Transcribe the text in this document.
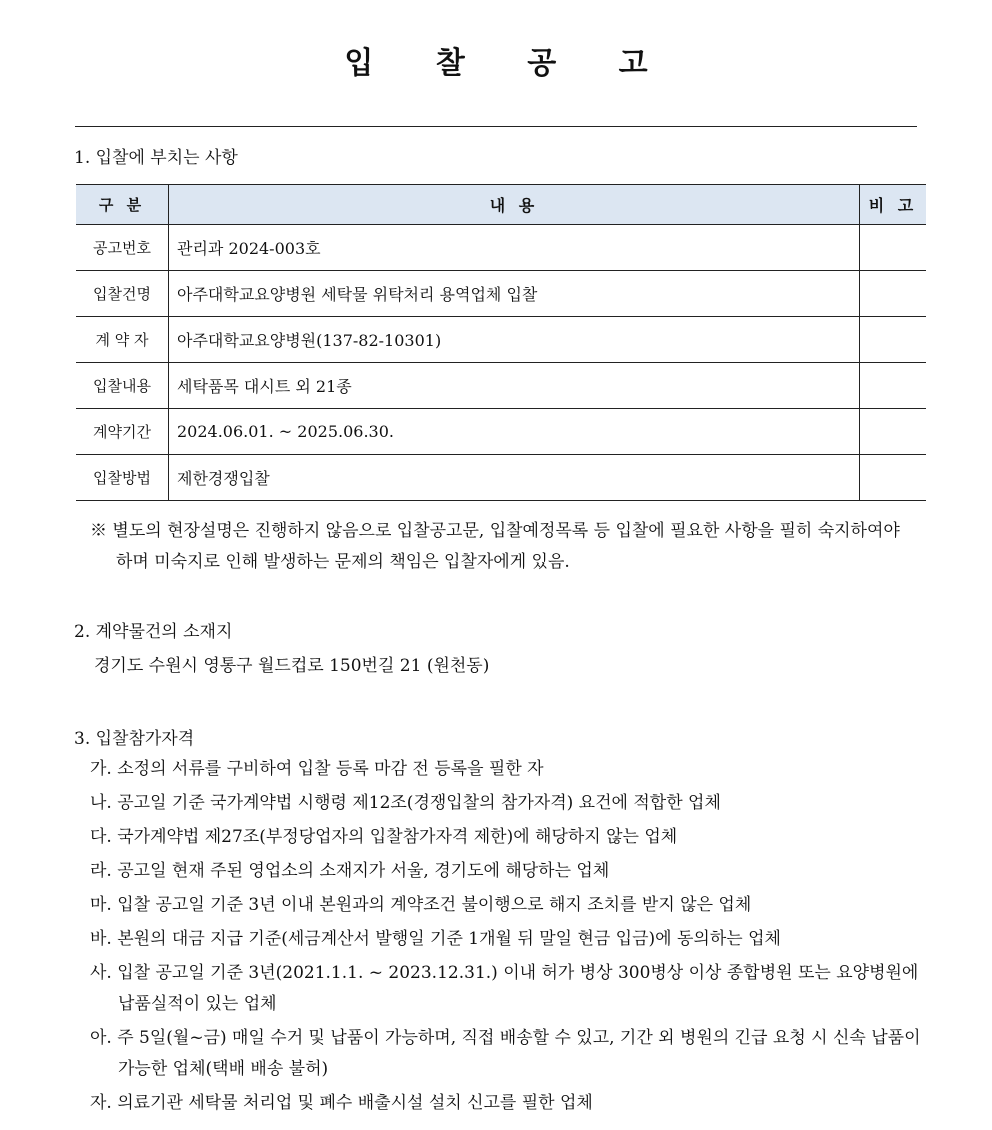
입 찰 공 고
1. 입찰에 부치는 사항
구 분	내 용	비 고
공고번호	관리과 2024-003호	
입찰건명	아주대학교요양병원 세탁물 위탁처리 용역업체 입찰	
계 약 자	아주대학교요양병원(137-82-10301)	
입찰내용	세탁품목 대시트 외 21종	
계약기간	2024.06.01. ~ 2025.06.30.	
입찰방법	제한경쟁입찰	
※ 별도의 현장설명은 진행하지 않음으로 입찰공고문, 입찰예정목록 등 입찰에 필요한 사항을 필히 숙지하여야
하며 미숙지로 인해 발생하는 문제의 책임은 입찰자에게 있음.
2. 계약물건의 소재지
경기도 수원시 영통구 월드컵로 150번길 21 (원천동)
3. 입찰참가자격
가. 소정의 서류를 구비하여 입찰 등록 마감 전 등록을 필한 자
나. 공고일 기준 국가계약법 시행령 제12조(경쟁입찰의 참가자격) 요건에 적합한 업체
다. 국가계약법 제27조(부정당업자의 입찰참가자격 제한)에 해당하지 않는 업체
라. 공고일 현재 주된 영업소의 소재지가 서울, 경기도에 해당하는 업체
마. 입찰 공고일 기준 3년 이내 본원과의 계약조건 불이행으로 해지 조치를 받지 않은 업체
바. 본원의 대금 지급 기준(세금계산서 발행일 기준 1개월 뒤 말일 현금 입금)에 동의하는 업체
사. 입찰 공고일 기준 3년(2021.1.1. ~ 2023.12.31.) 이내 허가 병상 300병상 이상 종합병원 또는 요양병원에
납품실적이 있는 업체
아. 주 5일(월~금) 매일 수거 및 납품이 가능하며, 직접 배송할 수 있고, 기간 외 병원의 긴급 요청 시 신속 납품이
가능한 업체(택배 배송 불허)
자. 의료기관 세탁물 처리업 및 폐수 배출시설 설치 신고를 필한 업체
